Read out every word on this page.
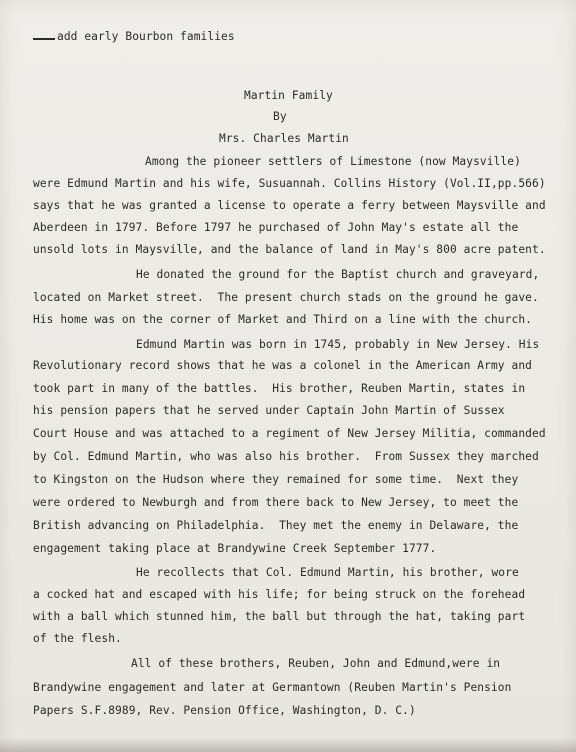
add early Bourbon families
Martin Family
By
Mrs. Charles Martin
Among the pioneer settlers of Limestone (now Maysville)
were Edmund Martin and his wife, Susuannah. Collins History (Vol.II,pp.566)
says that he was granted a license to operate a ferry between Maysville and
Aberdeen in 1797. Before 1797 he purchased of John May's estate all the
unsold lots in Maysville, and the balance of land in May's 800 acre patent.
He donated the ground for the Baptist church and graveyard,
located on Market street.  The present church stads on the ground he gave.
His home was on the corner of Market and Third on a line with the church.
Edmund Martin was born in 1745, probably in New Jersey. His
Revolutionary record shows that he was a colonel in the American Army and
took part in many of the battles.  His brother, Reuben Martin, states in
his pension papers that he served under Captain John Martin of Sussex
Court House and was attached to a regiment of New Jersey Militia, commanded
by Col. Edmund Martin, who was also his brother.  From Sussex they marched
to Kingston on the Hudson where they remained for some time.  Next they
were ordered to Newburgh and from there back to New Jersey, to meet the
British advancing on Philadelphia.  They met the enemy in Delaware, the
engagement taking place at Brandywine Creek September 1777.
He recollects that Col. Edmund Martin, his brother, wore
a cocked hat and escaped with his life; for being struck on the forehead
with a ball which stunned him, the ball but through the hat, taking part
of the flesh.
All of these brothers, Reuben, John and Edmund,were in
Brandywine engagement and later at Germantown (Reuben Martin's Pension
Papers S.F.8989, Rev. Pension Office, Washington, D. C.)
